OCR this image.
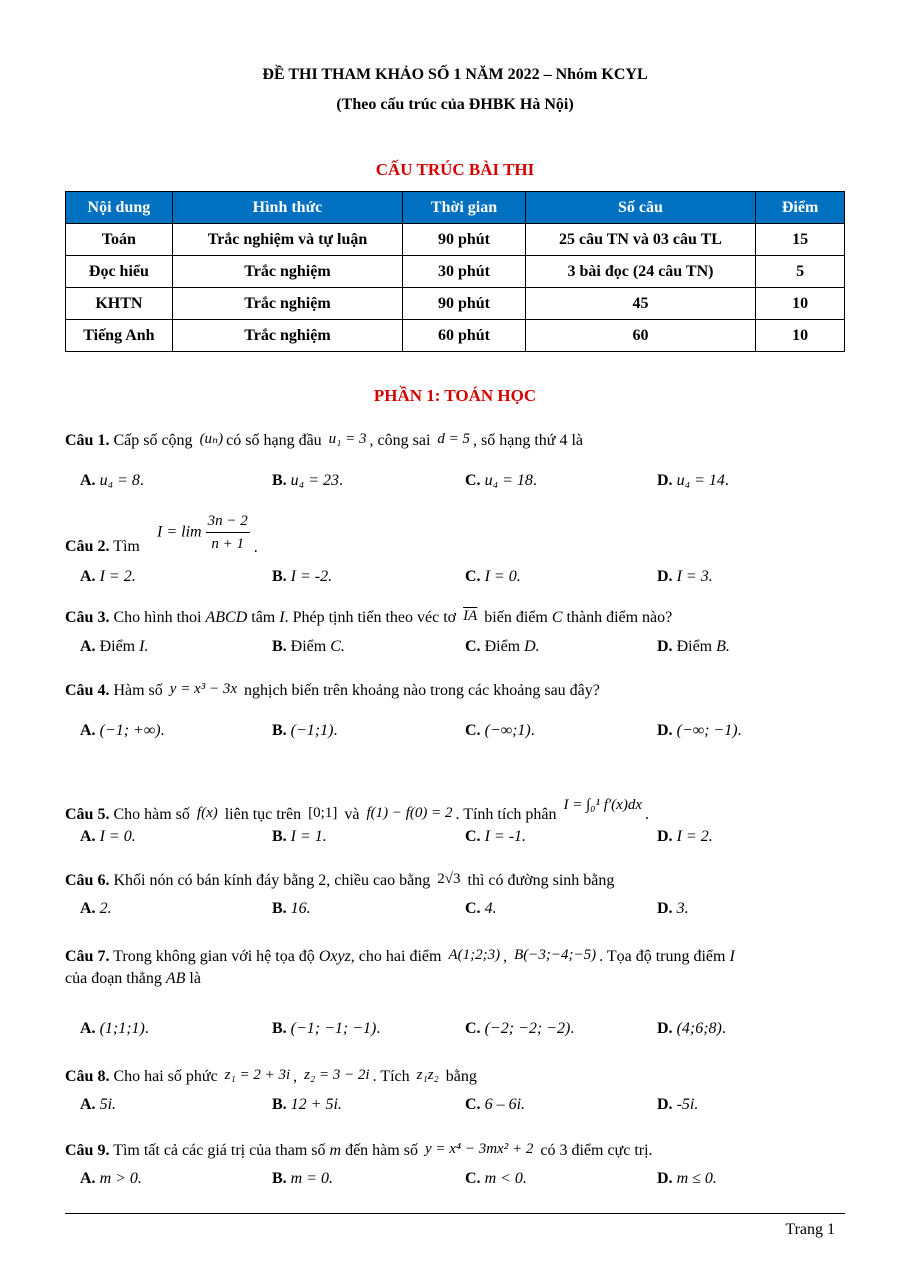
ĐỀ THI THAM KHẢO SỐ 1 NĂM 2022 – Nhóm KCYL
(Theo cấu trúc của ĐHBK Hà Nội)
CẤU TRÚC BÀI THI
Nội dung	Hình thức	Thời gian	Số câu	Điểm
Toán	Trắc nghiệm và tự luận	90 phút	25 câu TN và 03 câu TL	15
Đọc hiểu	Trắc nghiệm	30 phút	3 bài đọc (24 câu TN)	5
KHTN	Trắc nghiệm	90 phút	45	10
Tiếng Anh	Trắc nghiệm	60 phút	60	10
PHẦN 1: TOÁN HỌC
Câu 1. Cấp số cộng (uₙ) có số hạng đầu u₁ = 3 , công sai d = 5 , số hạng thứ 4 là
A. u₄ = 8.	B. u₄ = 23.	C. u₄ = 18.	D. u₄ = 14.
Câu 2. Tìm
$I = \lim \frac{3n - 2}{n + 1}$ .
A. I = 2.	B. I = -2.	C. I = 0.	D. I = 3.
Câu 3. Cho hình thoi ABCD tâm I. Phép tịnh tiến theo véc tơ $\overline{IA}$ biến điểm C thành điểm nào?
A. Điểm I.	B. Điểm C.	C. Điểm D.	D. Điểm B.
Câu 4. Hàm số y = x³ − 3x nghịch biến trên khoảng nào trong các khoảng sau đây?
A. (−1; +∞).	B. (−1;1).	C. (−∞;1).	D. (−∞; −1).
Câu 5. Cho hàm số f(x) liên tục trên [0;1] và f(1) − f(0) = 2 . Tính tích phân I = ∫₀¹ f′(x)dx.
A. I = 0.	B. I = 1.	C. I = -1.	D. I = 2.
Câu 6. Khối nón có bán kính đáy bằng 2, chiều cao bằng 2√3 thì có đường sinh bằng
A. 2.	B. 16.	C. 4.	D. 3.
Câu 7. Trong không gian với hệ tọa độ Oxyz, cho hai điểm A(1;2;3) , B(−3;−4;−5) . Tọa độ trung điểm I
của đoạn thẳng AB là
A. (1;1;1).	B. (−1; −1; −1).	C. (−2; −2; −2).	D. (4;6;8).
Câu 8. Cho hai số phức z₁ = 2 + 3i , z₂ = 3 − 2i . Tích z₁z₂ bằng
A. 5i.	B. 12 + 5i.	C. 6 – 6i.	D. -5i.
Câu 9. Tìm tất cả các giá trị của tham số m đến hàm số y = x⁴ − 3mx² + 2 có 3 điểm cực trị.
A. m > 0.	B. m = 0.	C. m < 0.	D. m ≤ 0.
Trang 1
